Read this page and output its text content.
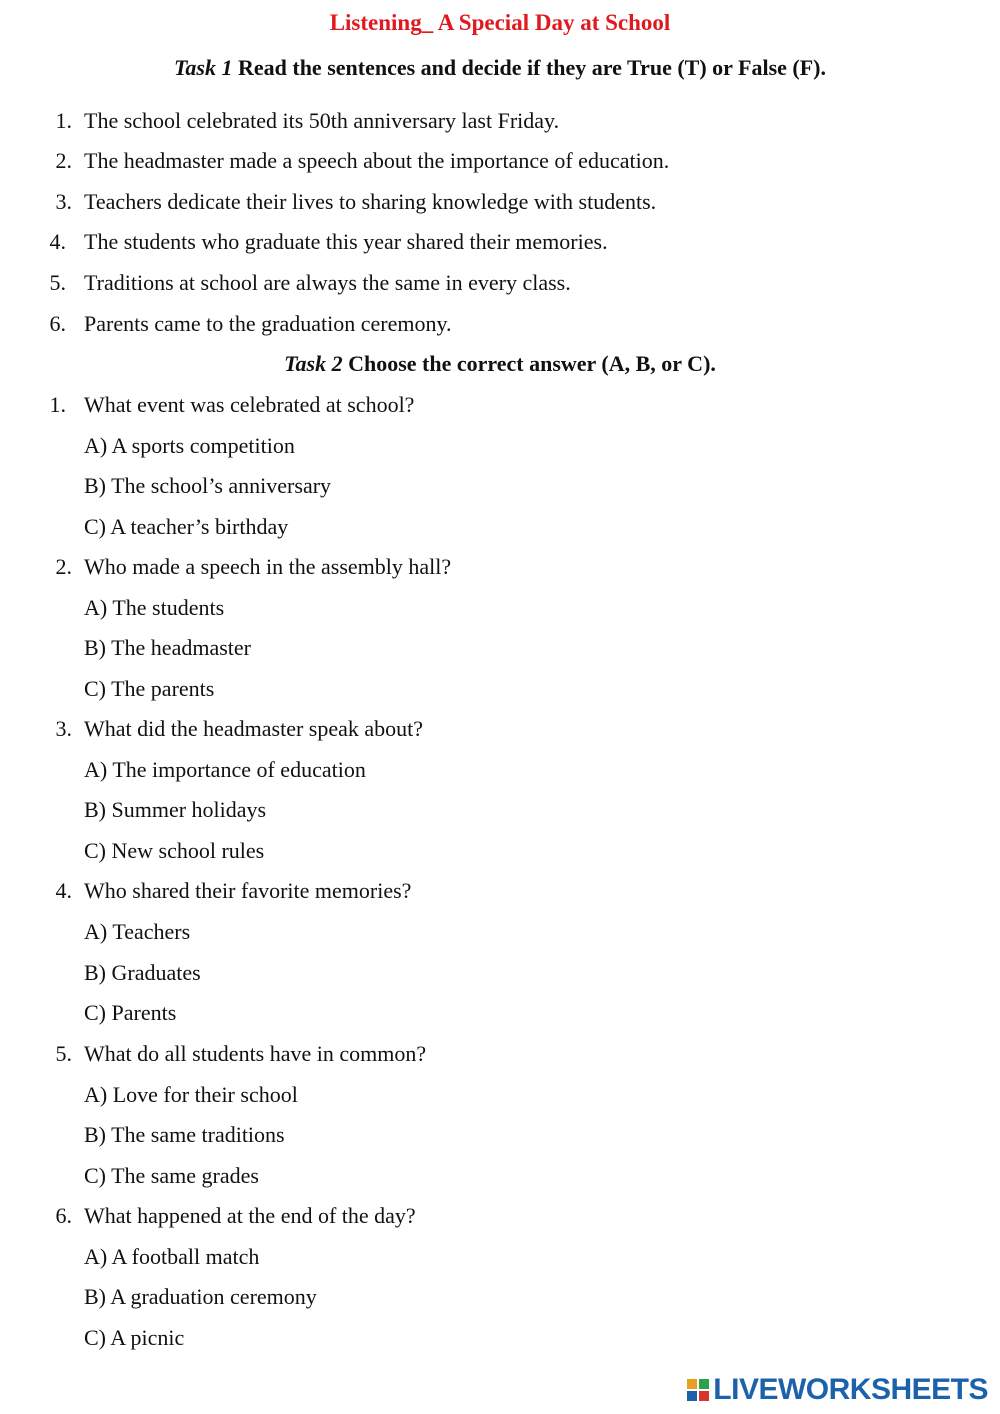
Listening_ A Special Day at School
Task 1 Read the sentences and decide if they are True (T) or False (F).
1. The school celebrated its 50th anniversary last Friday.
2. The headmaster made a speech about the importance of education.
3. Teachers dedicate their lives to sharing knowledge with students.
4. The students who graduate this year shared their memories.
5. Traditions at school are always the same in every class.
6. Parents came to the graduation ceremony.
Task 2 Choose the correct answer (A, B, or C).
1. What event was celebrated at school?
A) A sports competition
B) The school’s anniversary
C) A teacher’s birthday
2. Who made a speech in the assembly hall?
A) The students
B) The headmaster
C) The parents
3. What did the headmaster speak about?
A) The importance of education
B) Summer holidays
C) New school rules
4. Who shared their favorite memories?
A) Teachers
B) Graduates
C) Parents
5. What do all students have in common?
A) Love for their school
B) The same traditions
C) The same grades
6. What happened at the end of the day?
A) A football match
B) A graduation ceremony
C) A picnic
LIVEWORKSHEETS
